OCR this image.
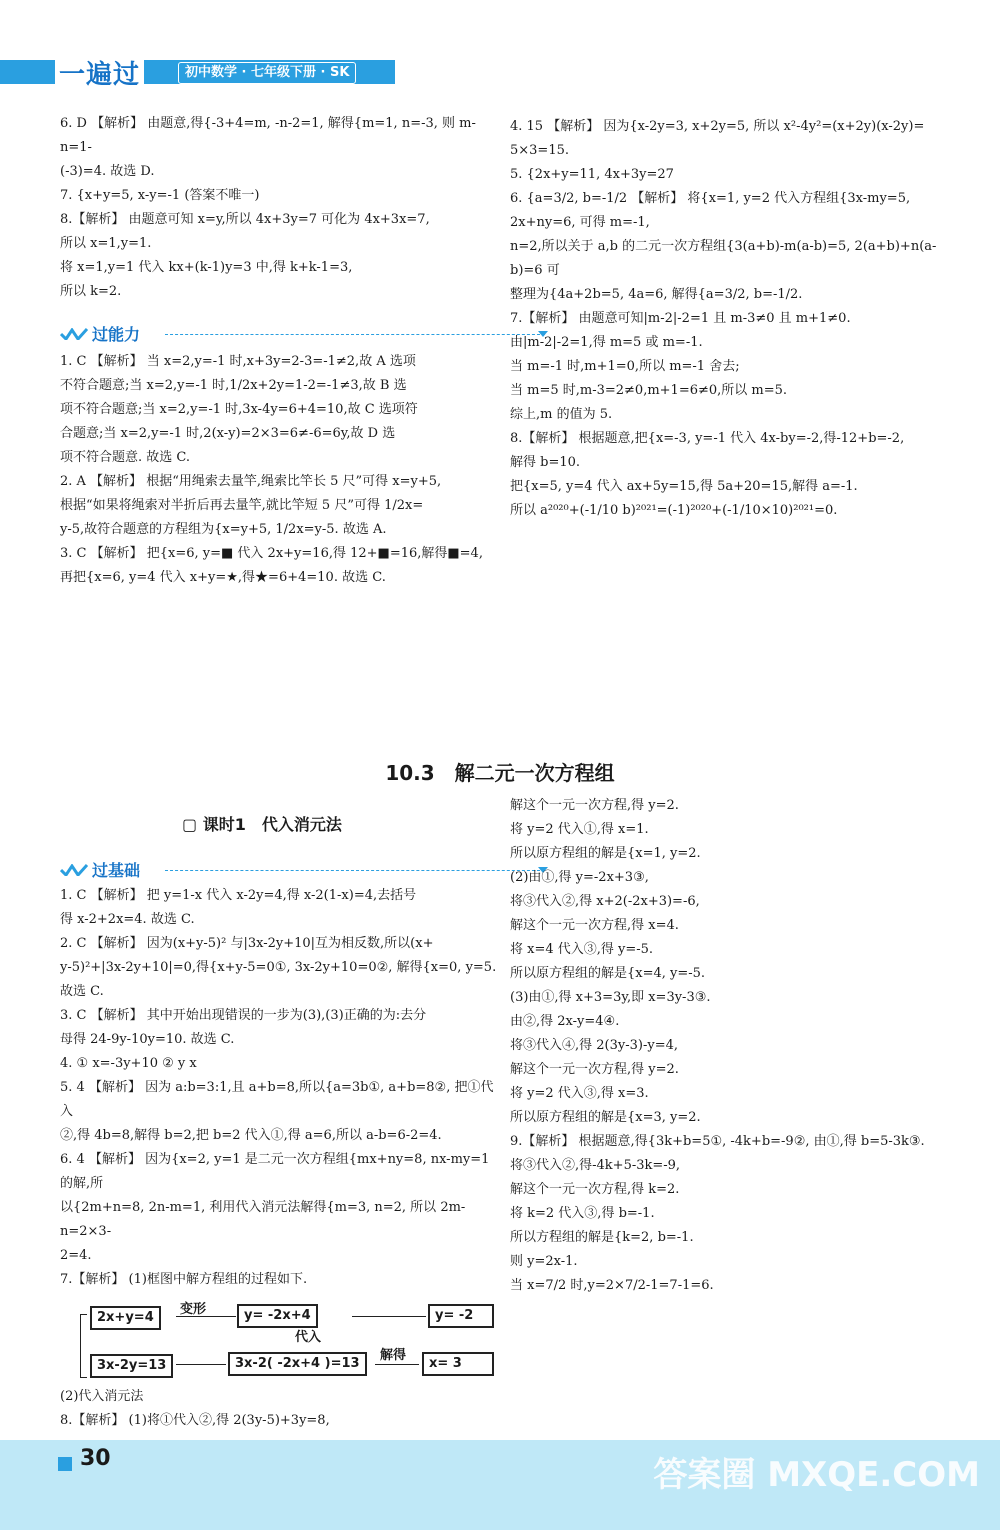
一遍过	初中数学 · 七年级下册 · SK

6. D 【解析】 由题意,得{-3+4=m, -n-2=1, 解得{m=1, n=-3, 则 m-n=1-

(-3)=4. 故选 D.

7. {x+y=5, x-y=-1 (答案不唯一)

8.【解析】 由题意可知 x=y,所以 4x+3y=7 可化为 4x+3x=7,

所以 x=1,y=1.

将 x=1,y=1 代入 kx+(k-1)y=3 中,得 k+k-1=3,

所以 k=2.

过能力

1. C 【解析】 当 x=2,y=-1 时,x+3y=2-3=-1≠2,故 A 选项

不符合题意;当 x=2,y=-1 时,1/2x+2y=1-2=-1≠3,故 B 选

项不符合题意;当 x=2,y=-1 时,3x-4y=6+4=10,故 C 选项符

合题意;当 x=2,y=-1 时,2(x-y)=2×3=6≠-6=6y,故 D 选

项不符合题意. 故选 C.

2. A 【解析】 根据“用绳索去量竿,绳索比竿长 5 尺”可得 x=y+5,

根据“如果将绳索对半折后再去量竿,就比竿短 5 尺”可得 1/2x=

y-5,故符合题意的方程组为{x=y+5, 1/2x=y-5. 故选 A.

3. C 【解析】 把{x=6, y=■ 代入 2x+y=16,得 12+■=16,解得■=4,

再把{x=6, y=4 代入 x+y=★,得★=6+4=10. 故选 C.

4. 15 【解析】 因为{x-2y=3, x+2y=5, 所以 x²-4y²=(x+2y)(x-2y)=

5×3=15.

5. {2x+y=11, 4x+3y=27

6. {a=3/2, b=-1/2 【解析】 将{x=1, y=2 代入方程组{3x-my=5, 2x+ny=6, 可得 m=-1,

n=2,所以关于 a,b 的二元一次方程组{3(a+b)-m(a-b)=5, 2(a+b)+n(a-b)=6 可

整理为{4a+2b=5, 4a=6, 解得{a=3/2, b=-1/2.

7.【解析】 由题意可知|m-2|-2=1 且 m-3≠0 且 m+1≠0.

由|m-2|-2=1,得 m=5 或 m=-1.

当 m=-1 时,m+1=0,所以 m=-1 舍去;

当 m=5 时,m-3=2≠0,m+1=6≠0,所以 m=5.

综上,m 的值为 5.

8.【解析】 根据题意,把{x=-3, y=-1 代入 4x-by=-2,得-12+b=-2,

解得 b=10.

把{x=5, y=4 代入 ax+5y=15,得 5a+20=15,解得 a=-1.

所以 a²⁰²⁰+(-1/10 b)²⁰²¹=(-1)²⁰²⁰+(-1/10×10)²⁰²¹=0.

10.3　解二元一次方程组
▢ 课时1　代入消元法
过基础

1. C 【解析】 把 y=1-x 代入 x-2y=4,得 x-2(1-x)=4,去括号

得 x-2+2x=4. 故选 C.

2. C 【解析】 因为(x+y-5)² 与|3x-2y+10|互为相反数,所以(x+

y-5)²+|3x-2y+10|=0,得{x+y-5=0①, 3x-2y+10=0②, 解得{x=0, y=5. 故选 C.

3. C 【解析】 其中开始出现错误的一步为(3),(3)正确的为:去分

母得 24-9y-10y=10. 故选 C.

4. ① x=-3y+10 ② y x

5. 4 【解析】 因为 a:b=3:1,且 a+b=8,所以{a=3b①, a+b=8②, 把①代入

②,得 4b=8,解得 b=2,把 b=2 代入①,得 a=6,所以 a-b=6-2=4.

6. 4 【解析】 因为{x=2, y=1 是二元一次方程组{mx+ny=8, nx-my=1 的解,所

以{2m+n=8, 2n-m=1, 利用代入消元法解得{m=3, n=2, 所以 2m-n=2×3-

2=4.

7.【解析】 (1)框图中解方程组的过程如下.

2x+y=4
3x-2y=13
变形	y= -2x+4
代入
3x-2( -2x+4 )=13
解得
x= 3
y= -2

(2)代入消元法

8.【解析】 (1)将①代入②,得 2(3y-5)+3y=8,

解这个一元一次方程,得 y=2.

将 y=2 代入①,得 x=1.

所以原方程组的解是{x=1, y=2.

(2)由①,得 y=-2x+3③,

将③代入②,得 x+2(-2x+3)=-6,

解这个一元一次方程,得 x=4.

将 x=4 代入③,得 y=-5.

所以原方程组的解是{x=4, y=-5.

(3)由①,得 x+3=3y,即 x=3y-3③.

由②,得 2x-y=4④.

将③代入④,得 2(3y-3)-y=4,

解这个一元一次方程,得 y=2.

将 y=2 代入③,得 x=3.

所以原方程组的解是{x=3, y=2.

9.【解析】 根据题意,得{3k+b=5①, -4k+b=-9②, 由①,得 b=5-3k③.

将③代入②,得-4k+5-3k=-9,

解这个一元一次方程,得 k=2.

将 k=2 代入③,得 b=-1.

所以方程组的解是{k=2, b=-1.

则 y=2x-1.

当 x=7/2 时,y=2×7/2-1=7-1=6.

30	答案圈 MXQE.COM
